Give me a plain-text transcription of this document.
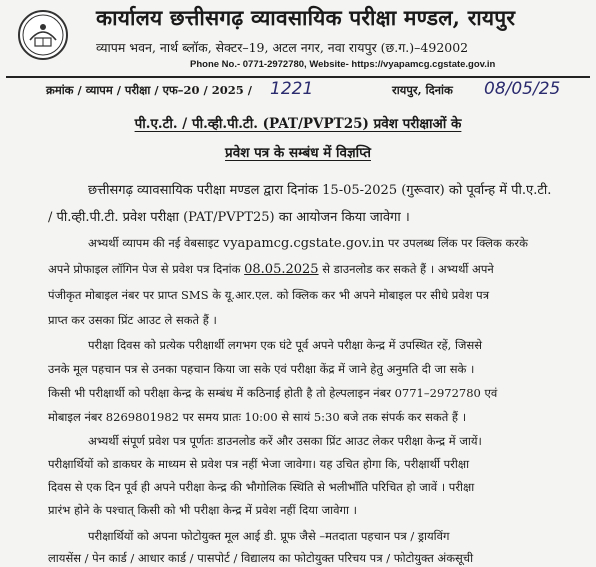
कार्यालय छत्तीसगढ़ व्यावसायिक परीक्षा मण्डल, रायपुर
व्यापम भवन, नार्थ ब्लॉक, सेक्टर–19, अटल नगर, नवा रायपुर (छ.ग.)–492002
Phone No.- 0771-2972780, Website- https://vyapamcg.cgstate.gov.in
क्रमांक / व्यापम / परीक्षा / एफ–20 / 2025 / 1221	रायपुर, दिनांक 08/05/25
पी.ए.टी. / पी.व्ही.पी.टी. (PAT/PVPT25) प्रवेश परीक्षाओं के
प्रवेश पत्र के सम्बंध में विज्ञप्ति
छत्तीसगढ़ व्यावसायिक परीक्षा मण्डल द्वारा दिनांक 15-05-2025 (गुरूवार) को पूर्वान्ह में पी.ए.टी.
/ पी.व्ही.पी.टी. प्रवेश परीक्षा (PAT/PVPT25) का आयोजन किया जावेगा ।
अभ्यर्थी व्यापम की नई वेबसाइट vyapamcg.cgstate.gov.in पर उपलब्ध लिंक पर क्लिक करके
अपने प्रोफाइल लॉगिन पेज से प्रवेश पत्र दिनांक 08.05.2025 से डाउनलोड कर सकते हैं । अभ्यर्थी अपने
पंजीकृत मोबाइल नंबर पर प्राप्त SMS के यू.आर.एल. को क्लिक कर भी अपने मोबाइल पर सीधे प्रवेश पत्र
प्राप्त कर उसका प्रिंट आउट ले सकते हैं ।
परीक्षा दिवस को प्रत्येक परीक्षार्थी लगभग एक घंटे पूर्व अपने परीक्षा केन्द्र में उपस्थित रहें, जिससे
उनके मूल पहचान पत्र से उनका पहचान किया जा सके एवं परीक्षा केंद्र में जाने हेतु अनुमति दी जा सके ।
किसी भी परीक्षार्थी को परीक्षा केन्द्र के सम्बंध में कठिनाई होती है तो हेल्पलाइन नंबर 0771–2972780 एवं
मोबाइल नंबर 8269801982 पर समय प्रातः 10:00 से सायं 5:30 बजे तक संपर्क कर सकते हैं ।
अभ्यर्थी संपूर्ण प्रवेश पत्र पूर्णतः डाउनलोड करें और उसका प्रिंट आउट लेकर परीक्षा केन्द्र में जायें।
परीक्षार्थियों को डाकघर के माध्यम से प्रवेश पत्र नहीं भेजा जावेगा। यह उचित होगा कि, परीक्षार्थी परीक्षा
दिवस से एक दिन पूर्व ही अपने परीक्षा केन्द्र की भौगोलिक स्थिति से भलीभाँति परिचित हो जावें । परीक्षा
प्रारंभ होने के पश्चात् किसी को भी परीक्षा केन्द्र में प्रवेश नहीं दिया जावेगा ।
परीक्षार्थियों को अपना फोटोयुक्त मूल आई डी. प्रूफ जैसे –मतदाता पहचान पत्र / ड्रायविंग
लायसेंस / पेन कार्ड / आधार कार्ड / पासपोर्ट / विद्यालय का फोटोयुक्त परिचय पत्र / फोटोयुक्त अंकसूची
